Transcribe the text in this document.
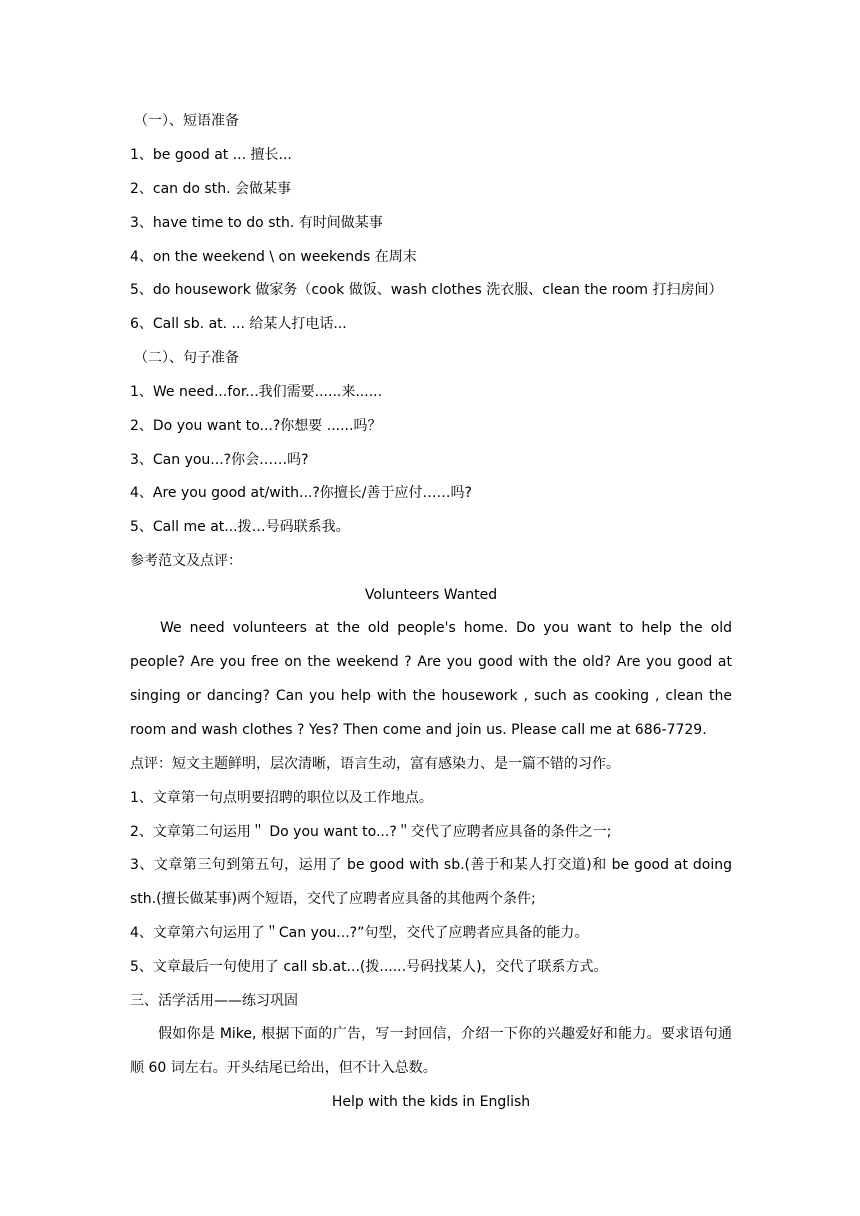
（一）、短语准备
1、be good at ... 擅长...
2、can do sth. 会做某事
3、have time to do sth. 有时间做某事
4、on the weekend \ on weekends 在周末
5、do housework 做家务（cook 做饭、wash clothes 洗衣服、clean the room 打扫房间）
6、Call sb. at. ... 给某人打电话...
（二）、句子准备
1、We need...for...我们需要......来......
2、Do you want to...?你想要 ......吗？
3、Can you...?你会……吗?
4、Are you good at/with...?你擅长/善于应付……吗?
5、Call me at...拨…号码联系我。
参考范文及点评：
Volunteers Wanted
We need volunteers at the old people's home. Do you want to help the old people? Are you free on the weekend ? Are you good with the old? Are you good at singing or dancing? Can you help with the housework , such as cooking , clean the room and wash clothes ? Yes? Then come and join us. Please call me at 686-7729.
点评：短文主题鲜明，层次清晰，语言生动，富有感染力、是一篇不错的习作。
1、文章第一句点明要招聘的职位以及工作地点。
2、文章第二句运用＂ Do you want to...?＂交代了应聘者应具备的条件之一;
3、文章第三句到第五句，运用了 be good with sb.(善于和某人打交道)和 be good at doing sth.(擅长做某事)两个短语，交代了应聘者应具备的其他两个条件;
4、文章第六句运用了＂Can you...?”句型，交代了应聘者应具备的能力。
5、文章最后一句使用了 call sb.at...(拨......号码找某人)，交代了联系方式。
三、活学活用——练习巩固
假如你是 Mike, 根据下面的广告，写一封回信，介绍一下你的兴趣爱好和能力。要求语句通顺 60 词左右。开头结尾已给出，但不计入总数。
Help with the kids in English
